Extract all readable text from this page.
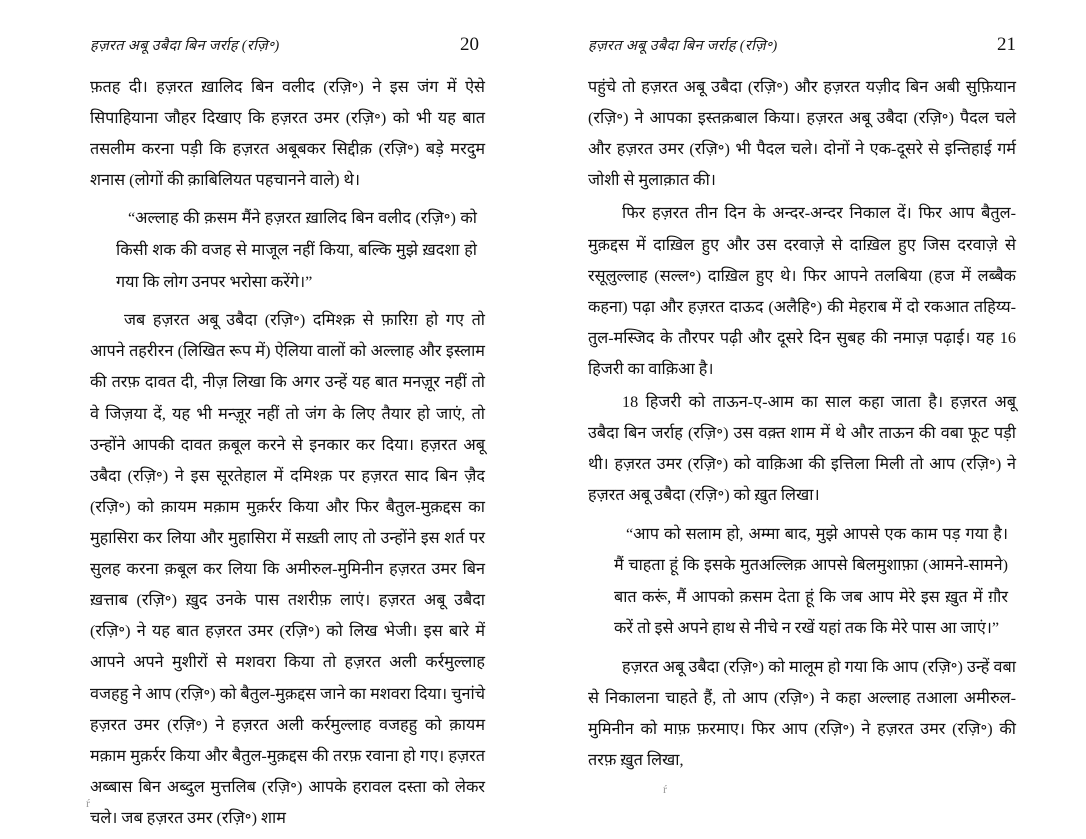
हज़रत अबू उबैदा बिन जर्राह (रज़ि॰)	20

फ़तह दी। हज़रत ख़ालिद बिन वलीद (रज़ि॰) ने इस जंग में ऐसे सिपाहियाना जौहर दिखाए कि हज़रत उमर (रज़ि॰) को भी यह बात तसलीम करना पड़ी कि हज़रत अबूबकर सिद्दीक़ (रज़ि॰) बड़े मरदुम शनास (लोगों की क़ाबिलियत पहचानने वाले) थे।

“अल्लाह की क़सम मैंने हज़रत ख़ालिद बिन वलीद (रज़ि॰) को किसी शक की वजह से माजूल नहीं किया, बल्कि मुझे ख़दशा हो गया कि लोग उनपर भरोसा करेंगे।”

जब हज़रत अबू उबैदा (रज़ि॰) दमिश्क़ से फ़ारिग़ हो गए तो आपने तहरीरन (लिखित रूप में) ऐलिया वालों को अल्लाह और इस्लाम की तरफ़ दावत दी, नीज़ लिखा कि अगर उन्हें यह बात मनज़ूर नहीं तो वे जिज़या दें, यह भी मन्ज़ूर नहीं तो जंग के लिए तैयार हो जाएं, तो उन्होंने आपकी दावत क़बूल करने से इनकार कर दिया। हज़रत अबू उबैदा (रज़ि॰) ने इस सूरतेहाल में दमिश्क़ पर हज़रत साद बिन ज़ैद (रज़ि॰) को क़ायम मक़ाम मुक़र्रर किया और फिर बैतुल-मुक़द्दस का मुहासिरा कर लिया और मुहासिरा में सख़्ती लाए तो उन्होंने इस शर्त पर सुलह करना क़बूल कर लिया कि अमीरुल-मुमिनीन हज़रत उमर बिन ख़त्ताब (रज़ि॰) ख़ुद उनके पास तशरीफ़ लाएं। हज़रत अबू उबैदा (रज़ि॰) ने यह बात हज़रत उमर (रज़ि॰) को लिख भेजी। इस बारे में आपने अपने मुशीरों से मशवरा किया तो हज़रत अली कर्रमुल्लाह वजहहु ने आप (रज़ि॰) को बैतुल-मुक़द्दस जाने का मशवरा दिया। चुनांचे हज़रत उमर (रज़ि॰) ने हज़रत अली कर्रमुल्लाह वजहहु को क़ायम मक़ाम मुक़र्रर किया और बैतुल-मुक़द्दस की तरफ़ रवाना हो गए। हज़रत अब्बास बिन अब्दुल मुत्तलिब (रज़ि॰) आपके हरावल दस्ता को लेकर चले। जब हज़रत उमर (रज़ि॰) शाम

ŕ
हज़रत अबू उबैदा बिन जर्राह (रज़ि॰)	21

पहुंचे तो हज़रत अबू उबैदा (रज़ि॰) और हज़रत यज़ीद बिन अबी सुफ़ियान (रज़ि॰) ने आपका इस्तक़बाल किया। हज़रत अबू उबैदा (रज़ि॰) पैदल चले और हज़रत उमर (रज़ि॰) भी पैदल चले। दोनों ने एक-दूसरे से इन्तिहाई गर्म जोशी से मुलाक़ात की।

फिर हज़रत तीन दिन के अन्दर-अन्दर निकाल दें। फिर आप बैतुल-मुक़द्दस में दाख़िल हुए और उस दरवाज़े से दाख़िल हुए जिस दरवाज़े से रसूलुल्लाह (सल्ल॰) दाख़िल हुए थे। फिर आपने तलबिया (हज में लब्बैक कहना) पढ़ा और हज़रत दाऊद (अलैहि॰) की मेहराब में दो रकआत तहिय्य-तुल-मस्जिद के तौरपर पढ़ी और दूसरे दिन सुबह की नमाज़ पढ़ाई। यह 16 हिजरी का वाक़िआ है।

18 हिजरी को ताऊन-ए-आम का साल कहा जाता है। हज़रत अबू उबैदा बिन जर्राह (रज़ि॰) उस वक़्त शाम में थे और ताऊन की वबा फूट पड़ी थी। हज़रत उमर (रज़ि॰) को वाक़िआ की इत्तिला मिली तो आप (रज़ि॰) ने हज़रत अबू उबैदा (रज़ि॰) को ख़ुत लिखा।

“आप को सलाम हो, अम्मा बाद, मुझे आपसे एक काम पड़ गया है। मैं चाहता हूं कि इसके मुतअल्लिक़ आपसे बिलमुशाफ़ा (आमने-सामने) बात करूं, मैं आपको क़सम देता हूं कि जब आप मेरे इस ख़ुत में ग़ौर करें तो इसे अपने हाथ से नीचे न रखें यहां तक कि मेरे पास आ जाएं।”

हज़रत अबू उबैदा (रज़ि॰) को मालूम हो गया कि आप (रज़ि॰) उन्हें वबा से निकालना चाहते हैं, तो आप (रज़ि॰) ने कहा अल्लाह तआला अमीरुल-मुमिनीन को माफ़ फ़रमाए। फिर आप (रज़ि॰) ने हज़रत उमर (रज़ि॰) की तरफ़ ख़ुत लिखा,

ŕ
